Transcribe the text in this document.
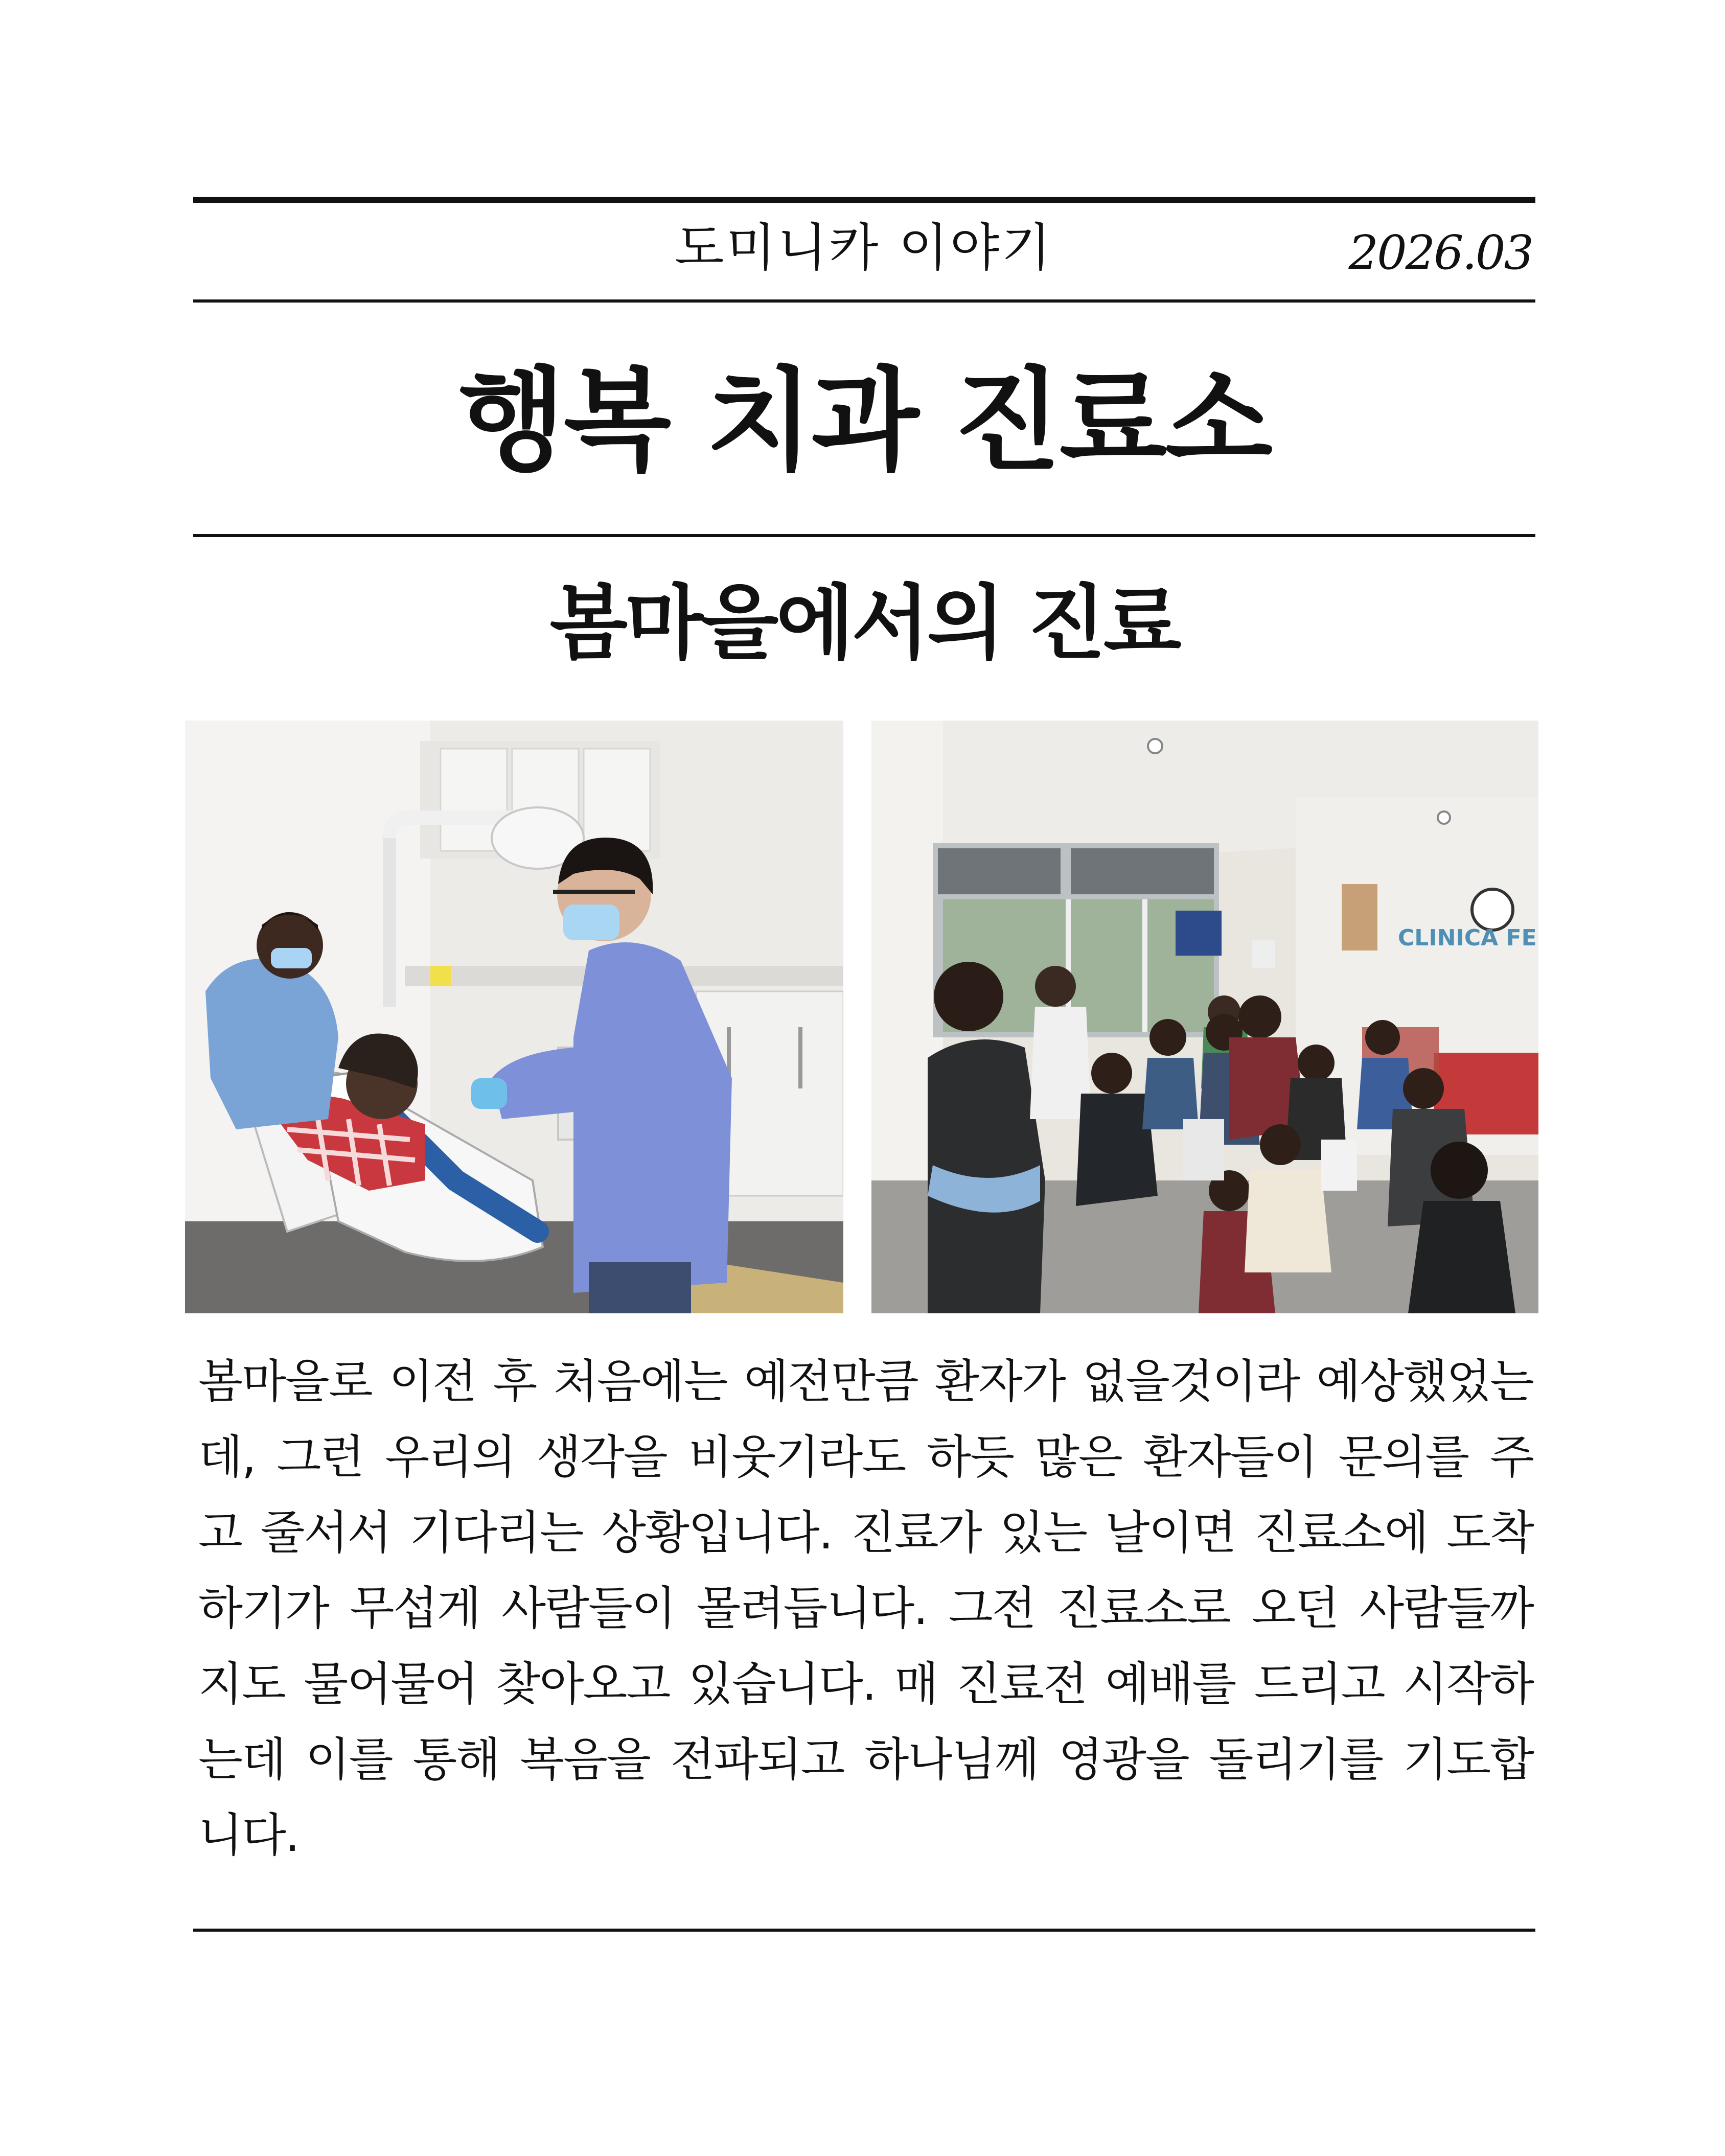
도미니카 이야기	2026.03
행복 치과 진료소
봄마을에서의 진료
CLINICA FE

봄마을로 이전 후 처음에는 예전만큼 환자가 없을것이라 예상했었는데, 그런 우리의 생각을 비웃기라도 하듯 많은 환자들이 문의를 주고 줄서서 기다리는 상황입니다. 진료가 있는 날이면 진료소에 도착하기가 무섭게 사람들이 몰려듭니다. 그전 진료소로 오던 사람들까지도 물어물어 찾아오고 있습니다. 매 진료전 예배를 드리고 시작하는데 이를 통해 복음을 전파되고 하나님께 영광을 돌리기를 기도합니다.
